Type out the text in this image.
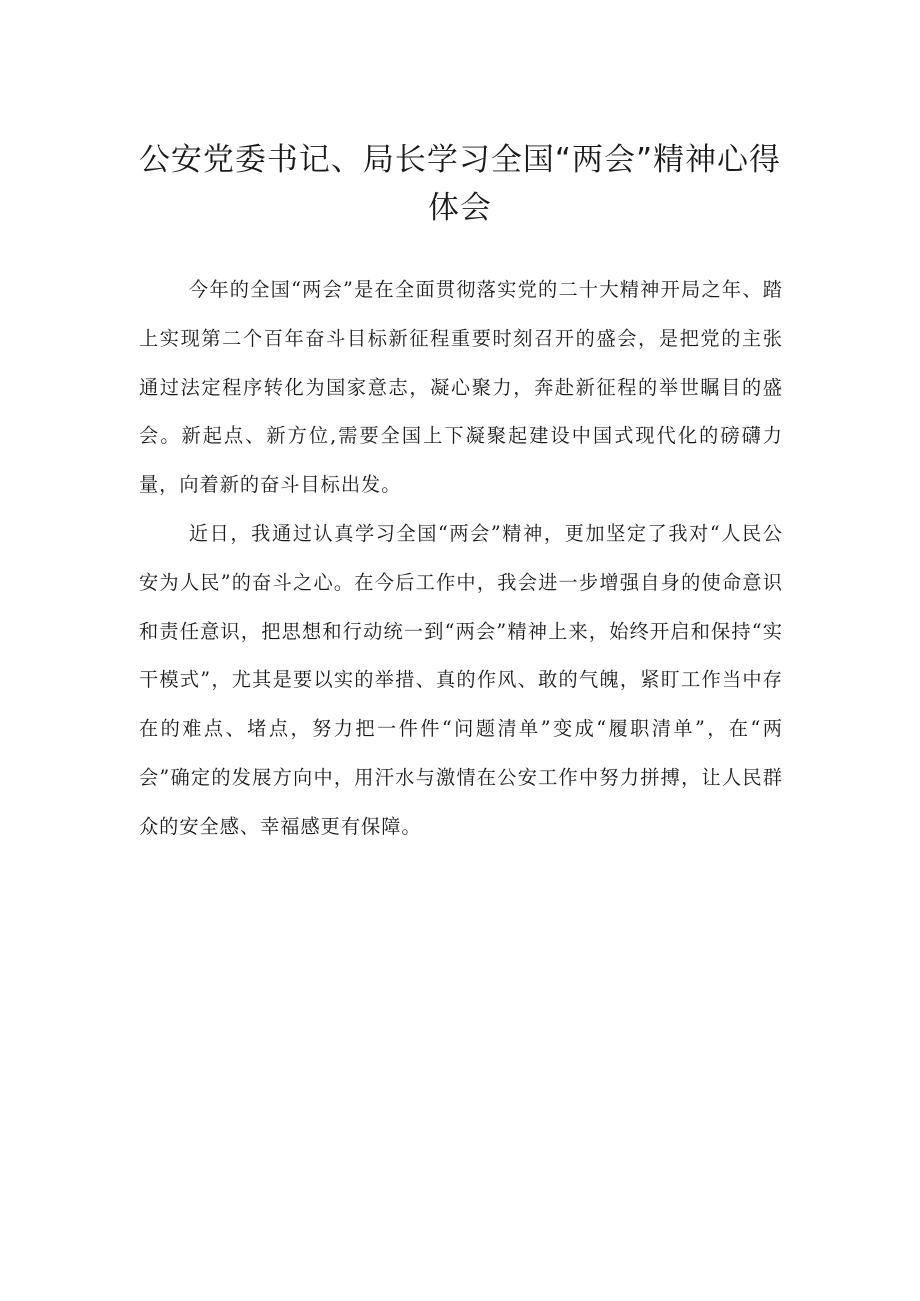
公安党委书记、局长学习全国“两会”精神心得体会

今年的全国“两会”是在全面贯彻落实党的二十大精神开局之年、踏上实现第二个百年奋斗目标新征程重要时刻召开的盛会，是把党的主张通过法定程序转化为国家意志，凝心聚力，奔赴新征程的举世瞩目的盛会。新起点、新方位,需要全国上下凝聚起建设中国式现代化的磅礴力量，向着新的奋斗目标出发。

近日，我通过认真学习全国“两会”精神，更加坚定了我对“人民公安为人民”的奋斗之心。在今后工作中，我会进一步增强自身的使命意识和责任意识，把思想和行动统一到“两会”精神上来，始终开启和保持“实干模式”，尤其是要以实的举措、真的作风、敢的气魄，紧盯工作当中存在的难点、堵点，努力把一件件“问题清单”变成“履职清单”，在“两会”确定的发展方向中，用汗水与激情在公安工作中努力拼搏，让人民群众的安全感、幸福感更有保障。
